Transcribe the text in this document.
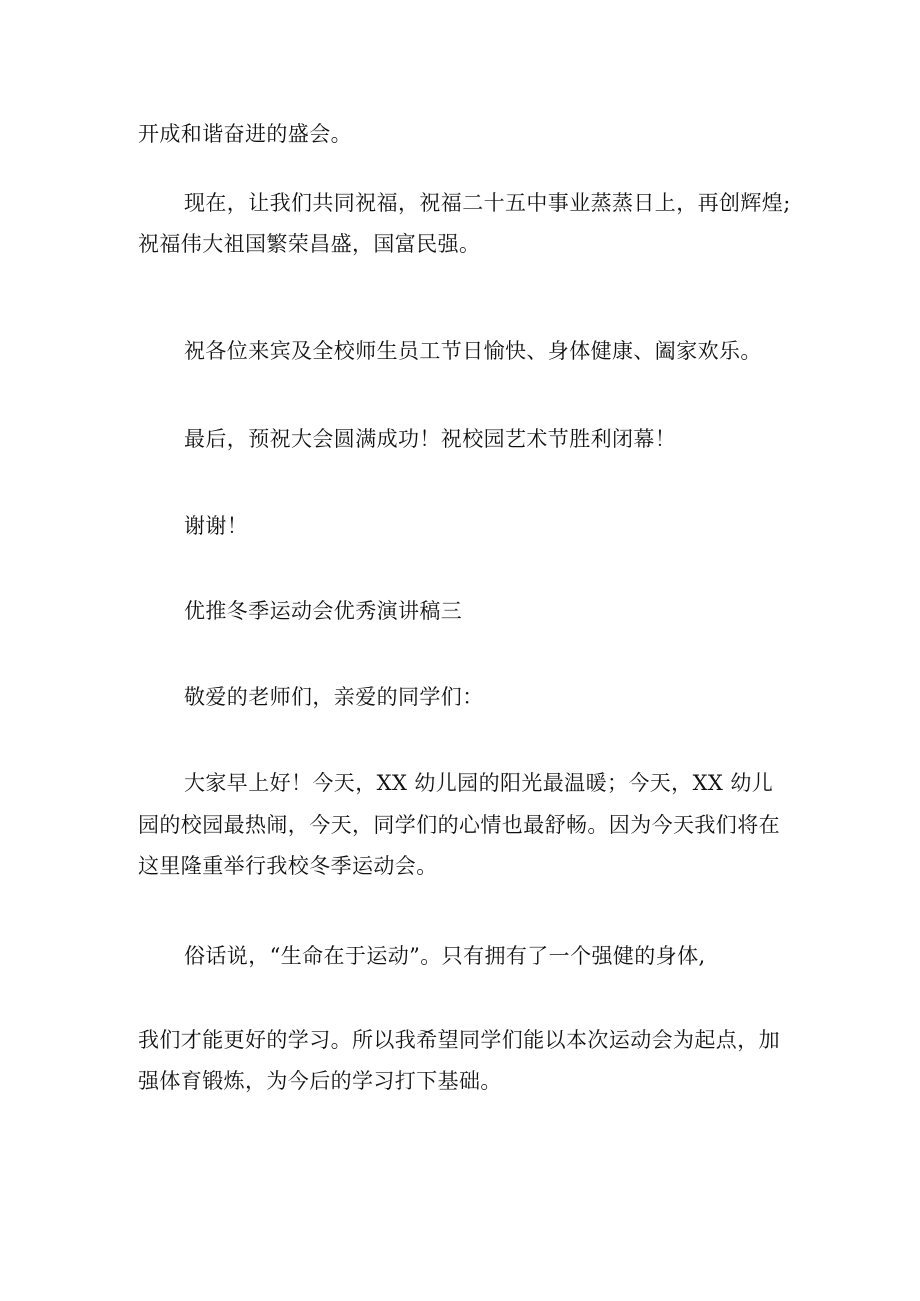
开成和谐奋进的盛会。
现在，让我们共同祝福，祝福二十五中事业蒸蒸日上，再创辉煌;
祝福伟大祖国繁荣昌盛，国富民强。
祝各位来宾及全校师生员工节日愉快、身体健康、阖家欢乐。
最后，预祝大会圆满成功！祝校园艺术节胜利闭幕！
谢谢！
优推冬季运动会优秀演讲稿三
敬爱的老师们，亲爱的同学们：
大家早上好！今天，XX 幼儿园的阳光最温暖；今天，XX 幼儿
园的校园最热闹，今天，同学们的心情也最舒畅。因为今天我们将在
这里隆重举行我校冬季运动会。
俗话说，“生命在于运动”。只有拥有了一个强健的身体,
我们才能更好的学习。所以我希望同学们能以本次运动会为起点，加
强体育锻炼，为今后的学习打下基础。
